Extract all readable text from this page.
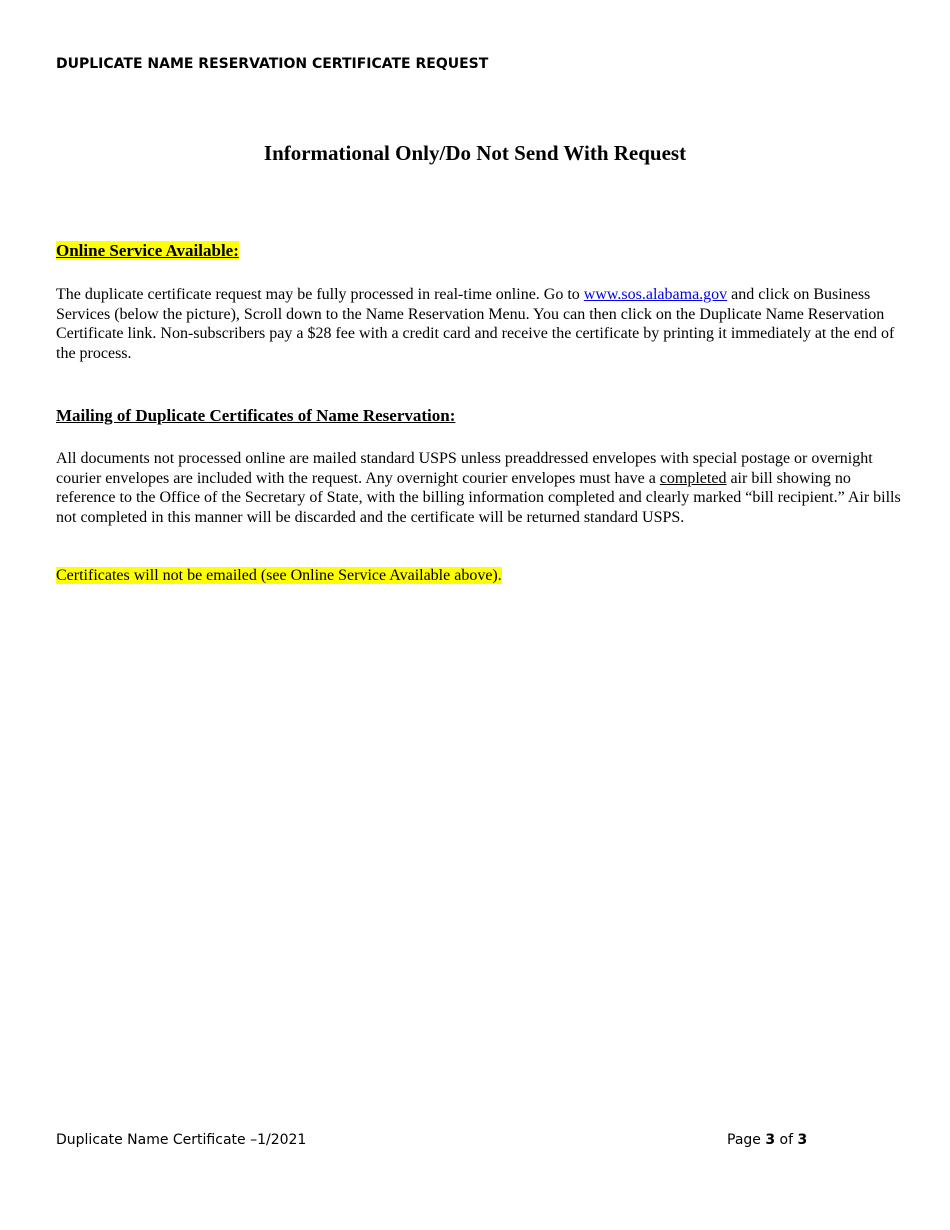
DUPLICATE NAME RESERVATION CERTIFICATE REQUEST
Informational Only/Do Not Send With Request
Online Service Available:

The duplicate certificate request may be fully processed in real-time online. Go to www.sos.alabama.gov and click on Business Services (below the picture), Scroll down to the Name Reservation Menu. You can then click on the Duplicate Name Reservation Certificate link. Non-subscribers pay a $28 fee with a credit card and receive the certificate by printing it immediately at the end of the process.

Mailing of Duplicate Certificates of Name Reservation:

All documents not processed online are mailed standard USPS unless preaddressed envelopes with special postage or overnight courier envelopes are included with the request. Any overnight courier envelopes must have a completed air bill showing no reference to the Office of the Secretary of State, with the billing information completed and clearly marked “bill recipient.” Air bills not completed in this manner will be discarded and the certificate will be returned standard USPS.

Certificates will not be emailed (see Online Service Available above).

Duplicate Name Certificate –1/2021	Page 3 of 3
